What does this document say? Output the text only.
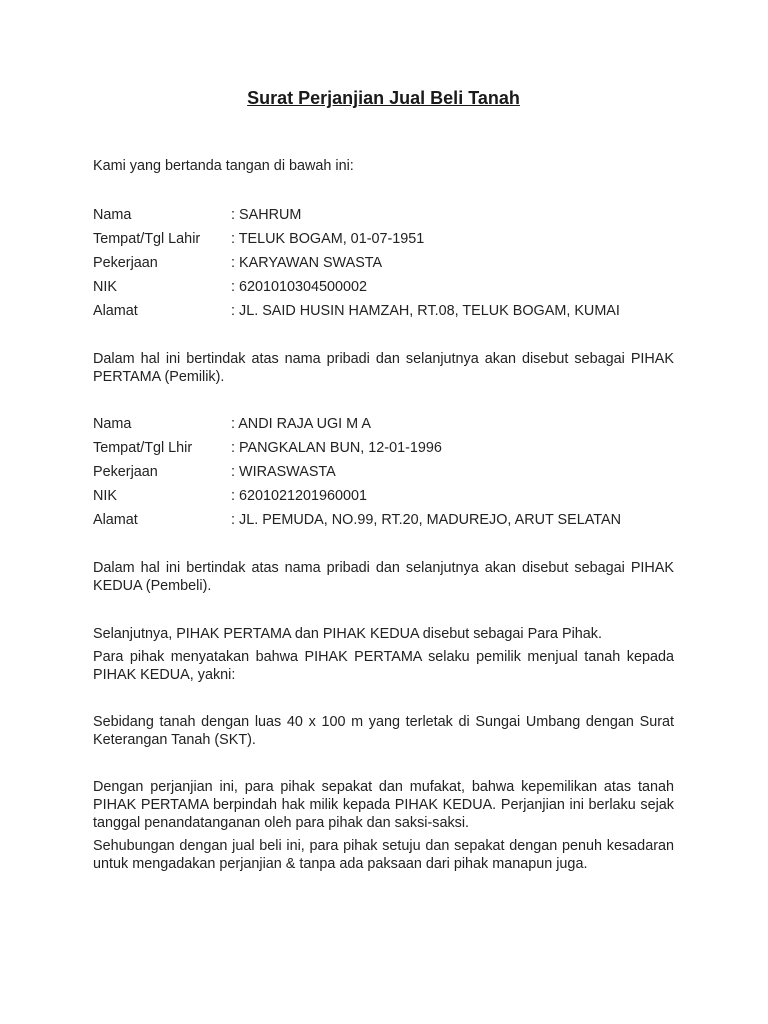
Surat Perjanjian Jual Beli Tanah

Kami yang bertanda tangan di bawah ini:

Nama	: SAHRUM
Tempat/Tgl Lahir : TELUK BOGAM, 01-07-1951
Pekerjaan	: KARYAWAN SWASTA
NIK	: 6201010304500002
Alamat	: JL. SAID HUSIN HAMZAH, RT.08, TELUK BOGAM, KUMAI

Dalam hal ini bertindak atas nama pribadi dan selanjutnya akan disebut sebagai PIHAK PERTAMA (Pemilik).

Nama	: ANDI RAJA UGI M A
Tempat/Tgl Lhir	: PANGKALAN BUN, 12-01-1996
Pekerjaan	: WIRASWASTA
NIK	: 6201021201960001
Alamat	: JL. PEMUDA, NO.99, RT.20, MADUREJO, ARUT SELATAN

Dalam hal ini bertindak atas nama pribadi dan selanjutnya akan disebut sebagai PIHAK KEDUA (Pembeli).

Selanjutnya, PIHAK PERTAMA dan PIHAK KEDUA disebut sebagai Para Pihak.

Para pihak menyatakan bahwa PIHAK PERTAMA selaku pemilik menjual tanah kepada PIHAK KEDUA, yakni:

Sebidang tanah dengan luas 40 x 100 m yang terletak di Sungai Umbang dengan Surat Keterangan Tanah (SKT).

Dengan perjanjian ini, para pihak sepakat dan mufakat, bahwa kepemilikan atas tanah PIHAK PERTAMA berpindah hak milik kepada PIHAK KEDUA. Perjanjian ini berlaku sejak tanggal penandatanganan oleh para pihak dan saksi-saksi.

Sehubungan dengan jual beli ini, para pihak setuju dan sepakat dengan penuh kesadaran untuk mengadakan perjanjian & tanpa ada paksaan dari pihak manapun juga.
